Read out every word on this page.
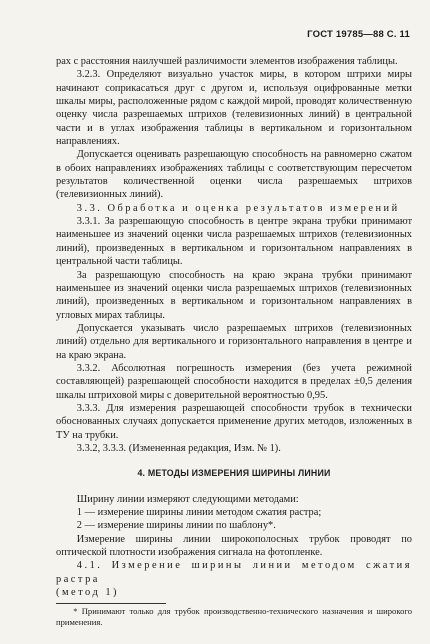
ГОСТ 19785—88 С. 11

рах с расстояния наилучшей различимости элементов изображения таблицы.

3.2.3. Определяют визуально участок миры, в котором штрихи миры начинают соприкасаться друг с другом и, используя оцифрованные метки шкалы миры, расположенные рядом с каждой мирой, проводят количественную оценку числа разрешаемых штрихов (телевизионных линий) в центральной части и в углах изображения таблицы в вертикальном и горизонтальном направлениях.

Допускается оценивать разрешающую способность на равномерно сжатом в обоих направлениях изображениях таблицы с соответствующим пересчетом результатов количественной оценки числа разрешаемых штрихов (телевизионных линий).

3.3. Обработка и оценка результатов измерений

3.3.1. За разрешающую способность в центре экрана трубки принимают наименьшее из значений оценки числа разрешаемых штрихов (телевизионных линий), произведенных в вертикальном и горизонтальном направлениях в центральной части таблицы.

За разрешающую способность на краю экрана трубки принимают наименьшее из значений оценки числа разрешаемых штрихов (телевизионных линий), произведенных в вертикальном и горизонтальном направлениях в угловых мирах таблицы.

Допускается указывать число разрешаемых штрихов (телевизионных линий) отдельно для вертикального и горизонтального направления в центре и на краю экрана.

3.3.2. Абсолютная погрешность измерения (без учета режимной составляющей) разрешающей способности находится в пределах ±0,5 деления шкалы штриховой миры с доверительной вероятностью 0,95.

3.3.3. Для измерения разрешающей способности трубок в технически обоснованных случаях допускается применение других методов, изложенных в ТУ на трубки.

3.3.2, 3.3.3. (Измененная редакция, Изм. № 1).

4. МЕТОДЫ ИЗМЕРЕНИЯ ШИРИНЫ ЛИНИИ

Ширину линии измеряют следующими методами:

1 — измерение ширины линии методом сжатия растра;

2 — измерение ширины линии по шаблону*.

Измерение ширины линии широкополосных трубок проводят по оптической плотности изображения сигнала на фотопленке.

4.1. Измерение ширины линии методом сжатия растра

(метод 1)

* Принимают только для трубок производственно-технического назначения и широкого применения.
